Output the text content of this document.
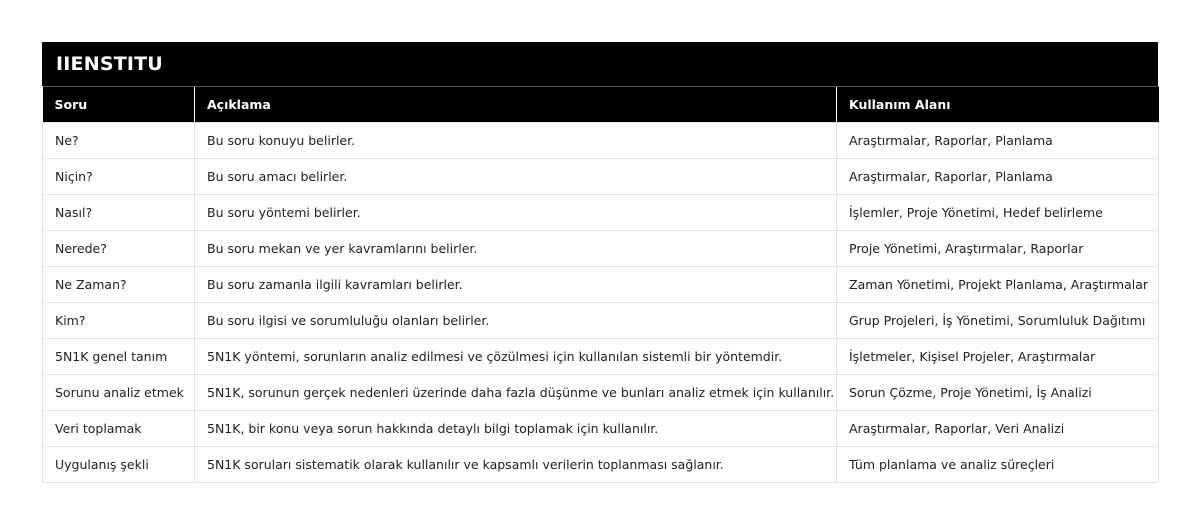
IIENSTITU
Soru	Açıklama	Kullanım Alanı
Ne?	Bu soru konuyu belirler.	Araştırmalar, Raporlar, Planlama
Niçin?	Bu soru amacı belirler.	Araştırmalar, Raporlar, Planlama
Nasıl?	Bu soru yöntemi belirler.	İşlemler, Proje Yönetimi, Hedef belirleme
Nerede?	Bu soru mekan ve yer kavramlarını belirler.	Proje Yönetimi, Araştırmalar, Raporlar
Ne Zaman?	Bu soru zamanla ilgili kavramları belirler.	Zaman Yönetimi, Projekt Planlama, Araştırmalar
Kim?	Bu soru ilgisi ve sorumluluğu olanları belirler.	Grup Projeleri, İş Yönetimi, Sorumluluk Dağıtımı
5N1K genel tanım	5N1K yöntemi, sorunların analiz edilmesi ve çözülmesi için kullanılan sistemli bir yöntemdir.	İşletmeler, Kişisel Projeler, Araştırmalar
Sorunu analiz etmek	5N1K, sorunun gerçek nedenleri üzerinde daha fazla düşünme ve bunları analiz etmek için kullanılır.	Sorun Çözme, Proje Yönetimi, İş Analizi
Veri toplamak	5N1K, bir konu veya sorun hakkında detaylı bilgi toplamak için kullanılır.	Araştırmalar, Raporlar, Veri Analizi
Uygulanış şekli	5N1K soruları sistematik olarak kullanılır ve kapsamlı verilerin toplanması sağlanır.	Tüm planlama ve analiz süreçleri
